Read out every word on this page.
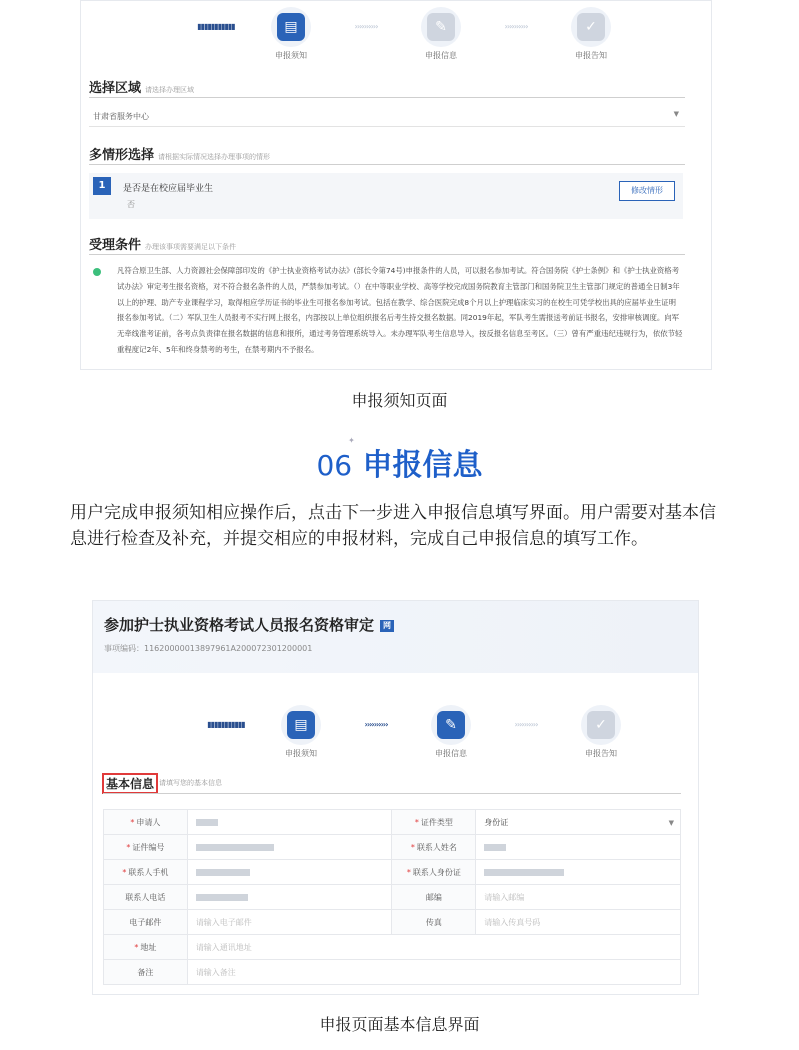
▮▮▮▮▮▮▮▮▮▮▮	▤
申报须知
››››››››››	✎
申报信息
››››››››››	✓
申报告知
选择区域 请选择办理区域
甘肃省服务中心	▼
多情形选择 请根据实际情况选择办理事项的情形
1	是否是在校应届毕业生
否
修改情形
受理条件 办理该事项需要满足以下条件
凡符合原卫生部、人力资源社会保障部印发的《护士执业资格考试办法》(部长令第74号)申报条件的人员，可以报名参加考试。符合国务院《护士条例》和《护士执业资格考试办法》审定考生报名资格，对不符合报名条件的人员，严禁参加考试。（）在中等职业学校、高等学校完成国务院教育主管部门和国务院卫生主管部门规定的普通全日制3年以上的护理、助产专业课程学习，取得相应学历证书的毕业生可报名参加考试。包括在教学、综合医院完成8个月以上护理临床实习的在校生可凭学校出具的应届毕业生证明报名参加考试。（二）军队卫生人员报考不实行网上报名，内部按以上单位组织报名后考生持交报名数据。同2019年起，军队考生需报送考前证书报名，安排审核调度。向军无牵线准考证前，各考点负责律在报名数据的信息和报所，通过考务管理系统导入。未办理军队考生信息导入，按反报名信息至考区。（三）曾有严重违纪违规行为，依依节轻重程度记2年、5年和终身禁考的考生，在禁考期内不予报名。
申报须知页面
06
✦
申报信息
用户完成申报须知相应操作后，点击下一步进入申报信息填写界面。用户需要对基本信息进行检查及补充，并提交相应的申报材料，完成自己申报信息的填写工作。
参加护士执业资格考试人员报名资格审定 网
事项编码：11620000013897961A200072301200001
▮▮▮▮▮▮▮▮▮▮▮	▤
申报须知
››››››››››	✎
申报信息
››››››››››	✓
申报告知
基本信息 请填写您的基本信息
* 申请人		* 证件类型	身份证 ▼

* 证件编号		* 联系人姓名	
* 联系人手机		* 联系人身份证	
联系人电话		邮编	请输入邮编
电子邮件	请输入电子邮件	传真	请输入传真号码
* 地址	请输入通讯地址		
备注	请输入备注		
申报页面基本信息界面
